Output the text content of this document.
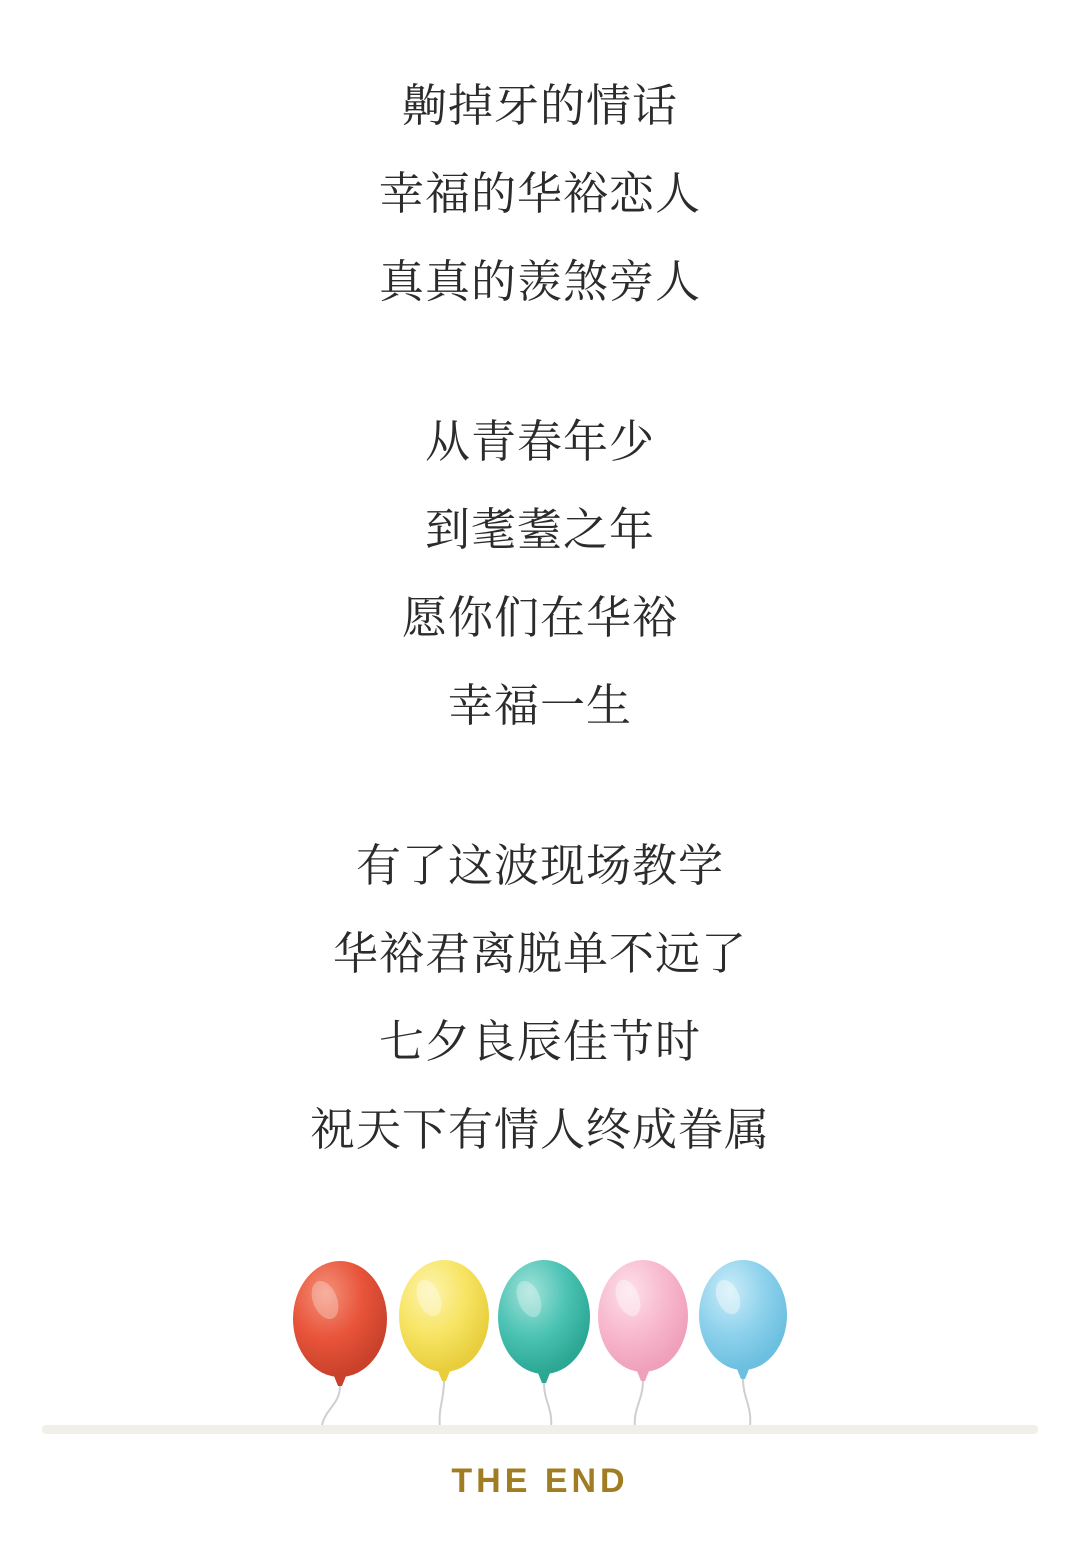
齁掉牙的情话
幸福的华裕恋人
真真的羡煞旁人
从青春年少
到耄耋之年
愿你们在华裕
幸福一生
有了这波现场教学
华裕君离脱单不远了
七夕良辰佳节时
祝天下有情人终成眷属
THE END
